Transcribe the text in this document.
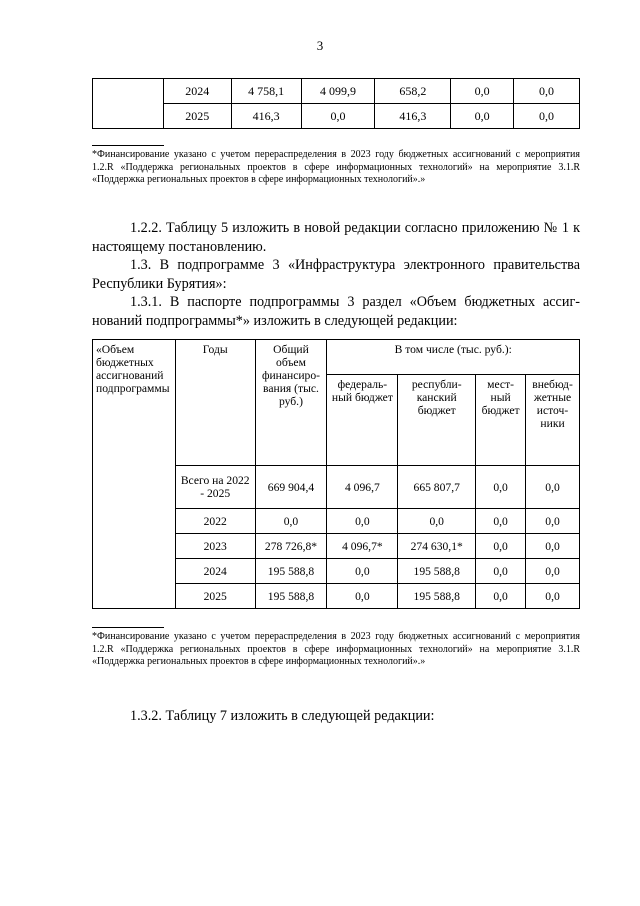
3
	2024	4 758,1	4 099,9	658,2	0,0	0,0
	2025	416,3	0,0	416,3	0,0	0,0
*Финансирование указано с учетом перераспределения в 2023 году бюджетных ассигнований с мероприятия 1.2.R «Поддержка региональных проектов в сфере информационных технологий» на мероприятие 3.1.R «Поддержка региональных проектов в сфере информационных технологий».»

1.2.2. Таблицу 5 изложить в новой редакции согласно приложению № 1 к настоящему постановлению.

1.3. В подпрограмме 3 «Инфраструктура электронного правительства Республики Бурятия»:

1.3.1. В паспорте подпрограммы 3 раздел «Объем бюджетных ассигнований подпрограммы*» изложить в следующей редакции:

«Объем бюджетных ассигнований подпрограммы	Годы	Общий объем финансирования (тыс. руб.)	В том числе (тыс. руб.):			
			федеральный бюджет	республиканский бюджет	местный бюджет	внебюджетные источники
	Всего на 2022 - 2025	669 904,4	4 096,7	665 807,7	0,0	0,0
	2022	0,0	0,0	0,0	0,0	0,0
	2023	278 726,8*	4 096,7*	274 630,1*	0,0	0,0
	2024	195 588,8	0,0	195 588,8	0,0	0,0
	2025	195 588,8	0,0	195 588,8	0,0	0,0
*Финансирование указано с учетом перераспределения в 2023 году бюджетных ассигнований с мероприятия 1.2.R «Поддержка региональных проектов в сфере информационных технологий» на мероприятие 3.1.R «Поддержка региональных проектов в сфере информационных технологий».»

1.3.2. Таблицу 7 изложить в следующей редакции:
